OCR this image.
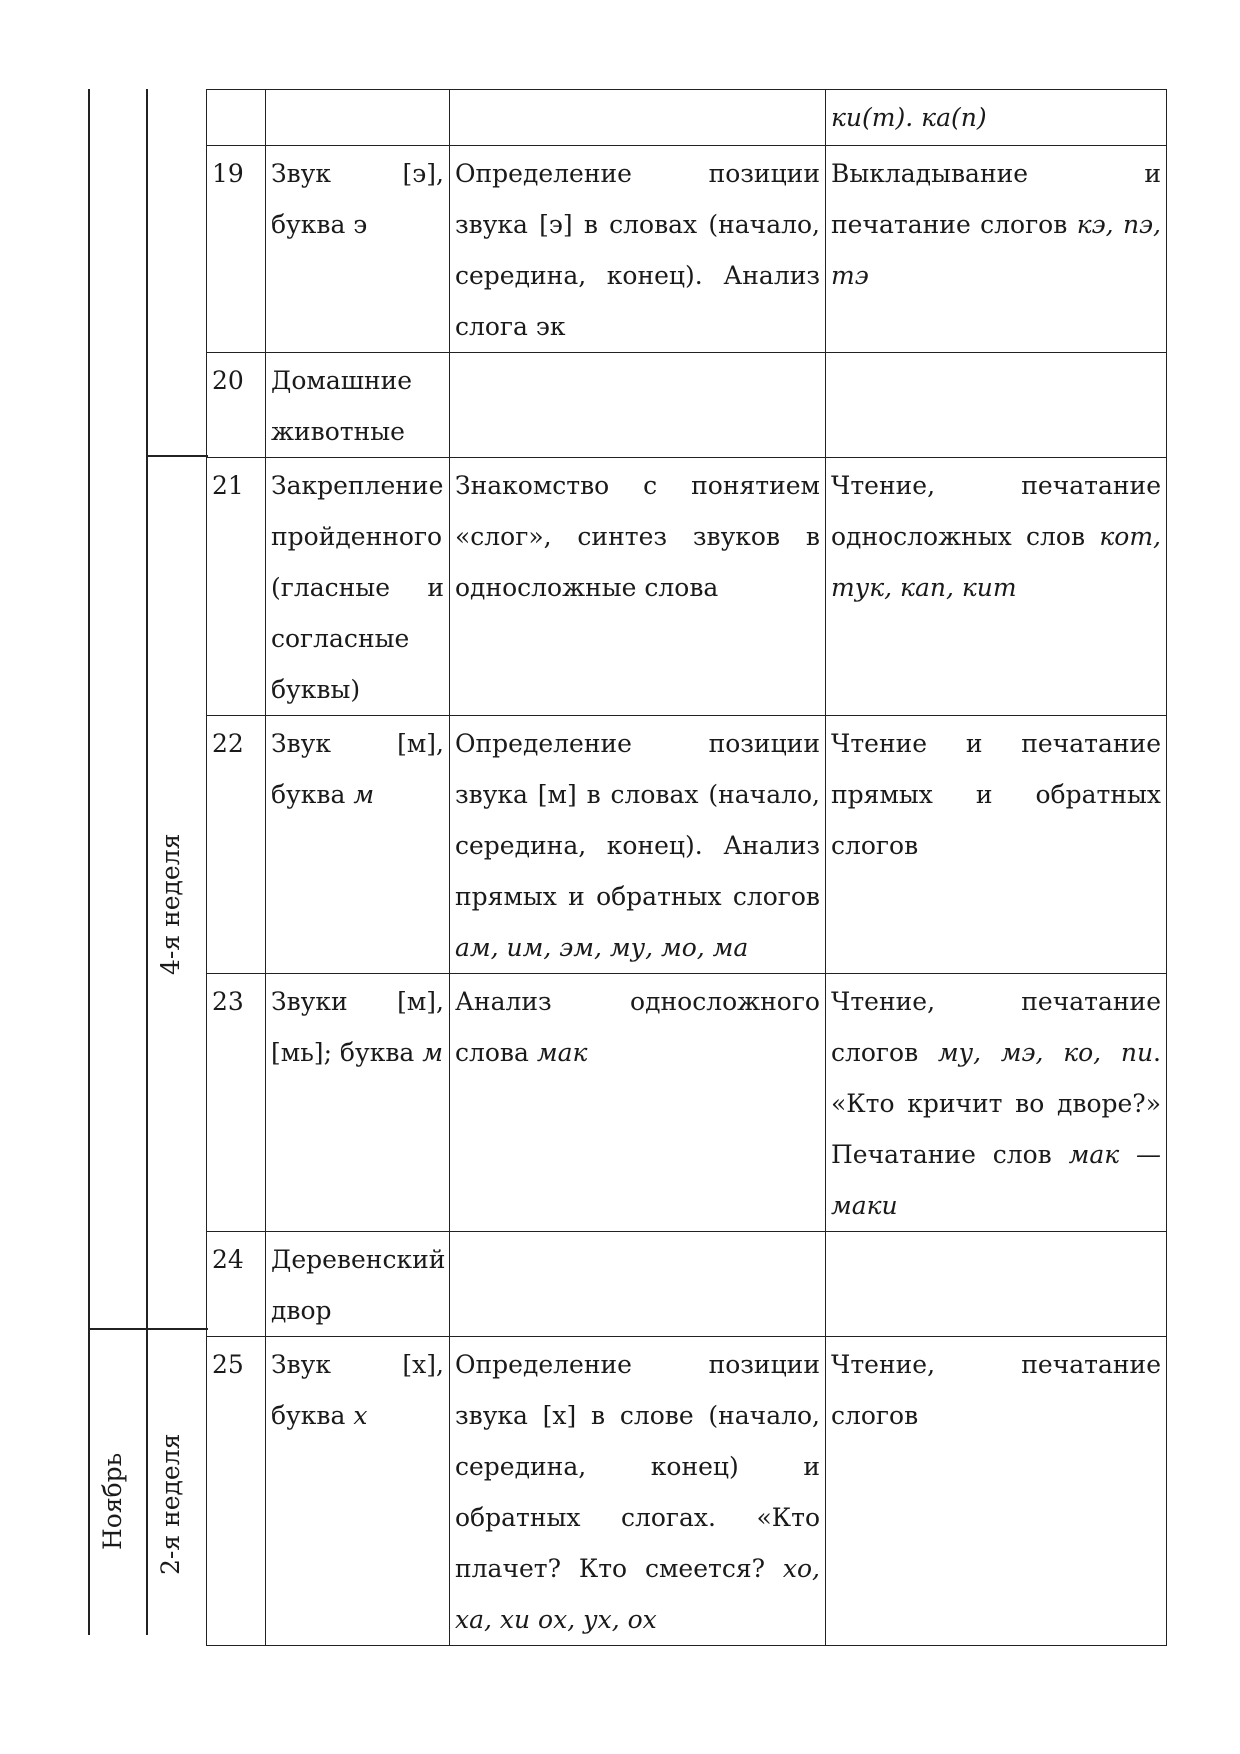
4-я неделя
2-я неделя
Ноябрь
			ки(т). ка(п)
19	Звук [э], буква э	Определение позиции звука [э] в словах (начало, середина, конец). Анализ слога эк	Выкладывание и печатание слогов кэ, пэ, тэ
20	Домашние животные		
21	Закрепление пройденного (гласные и согласные буквы)	Знакомство с понятием «слог», синтез звуков в односложные слова	Чтение, печатание односложных слов кот, тук, кап, кит
22	Звук [м], буква м	Определение позиции звука [м] в словах (начало, середина, конец). Анализ прямых и обратных слогов ам, им, эм, му, мо, ма	Чтение и печатание прямых и обратных слогов
23	Звуки [м], [мь]; буква м	Анализ односложного слова мак	Чтение, печатание слогов му, мэ, ко, пи. «Кто кричит во дворе?» Печатание слов мак — маки
24	Деревенский двор		
25	Звук [х], буква х	Определение позиции звука [х] в слове (начало, середина, конец) и обратных слогах. «Кто плачет? Кто смеется? хо, ха, хи ох, ух, ох	Чтение, печатание слогов
